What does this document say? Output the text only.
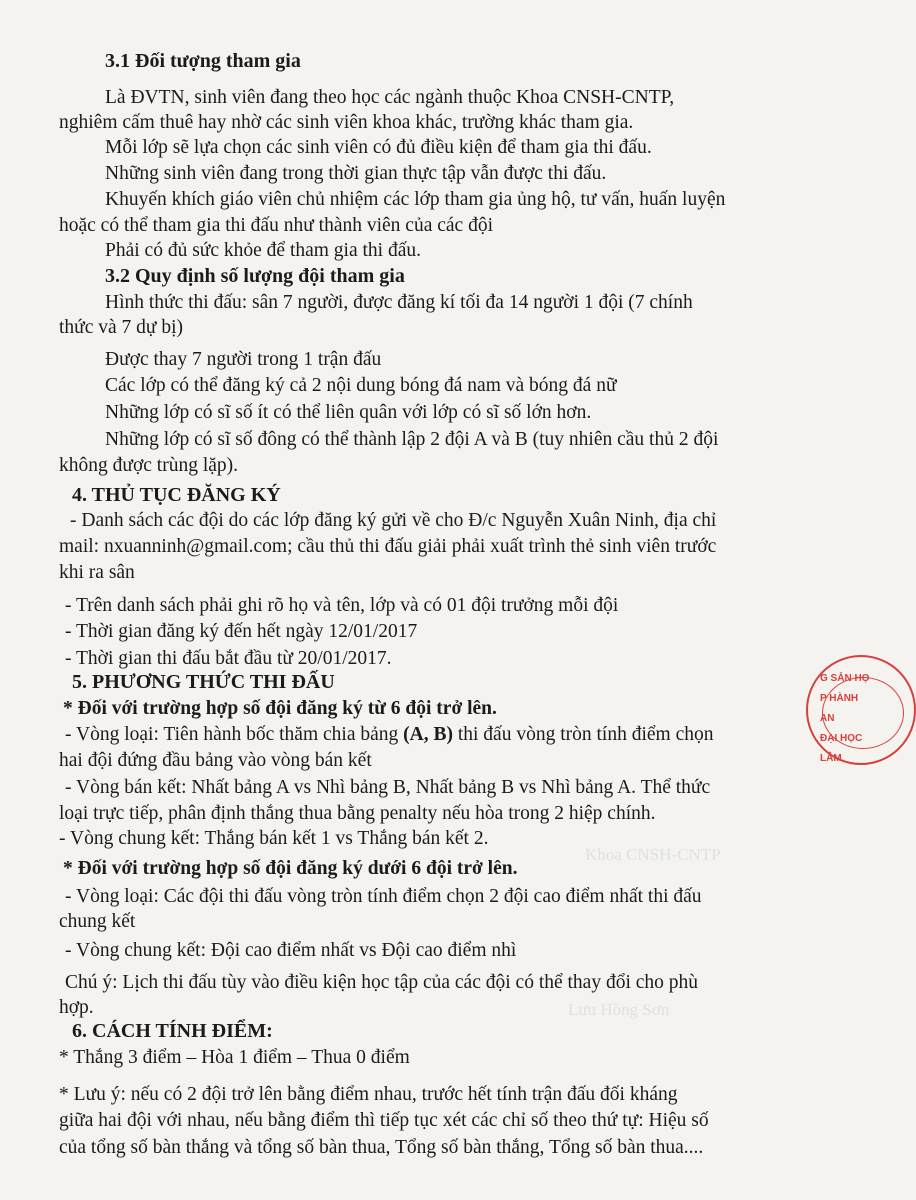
Khoa CNSH-CNTP
Lưu Hồng Sơn
3.1 Đối tượng tham gia
Là ĐVTN, sinh viên đang theo học các ngành thuộc Khoa CNSH-CNTP,
nghiêm cấm thuê hay nhờ các sinh viên khoa khác, trường khác tham gia.
Mỗi lớp sẽ lựa chọn các sinh viên có đủ điều kiện để tham gia thi đấu.
Những sinh viên đang trong thời gian thực tập vẫn được thi đấu.
Khuyến khích giáo viên chủ nhiệm các lớp tham gia ủng hộ, tư vấn, huấn luyện
hoặc có thể tham gia thi đấu như thành viên của các đội
Phải có đủ sức khỏe để tham gia thi đấu.
3.2 Quy định số lượng đội tham gia
Hình thức thi đấu: sân 7 người, được đăng kí tối đa 14 người 1 đội (7 chính
thức và 7 dự bị)
Được thay 7 người trong 1 trận đấu
Các lớp có thể đăng ký cả 2 nội dung bóng đá nam và bóng đá nữ
Những lớp có sĩ số ít có thể liên quân với lớp có sĩ số lớn hơn.
Những lớp có sĩ số đông có thể thành lập 2 đội A và B (tuy nhiên cầu thủ 2 đội
không được trùng lặp).
4. THỦ TỤC ĐĂNG KÝ
- Danh sách các đội do các lớp đăng ký gửi về cho Đ/c Nguyễn Xuân Ninh, địa chỉ
mail: nxuanninh@gmail.com; cầu thủ thi đấu giải phải xuất trình thẻ sinh viên trước
khi ra sân
- Trên danh sách phải ghi rõ họ và tên, lớp và có 01 đội trưởng mỗi đội
- Thời gian đăng ký đến hết ngày 12/01/2017
- Thời gian thi đấu bắt đầu từ 20/01/2017.
5. PHƯƠNG THỨC THI ĐẤU
* Đối với trường hợp số đội đăng ký từ 6 đội trở lên.
- Vòng loại: Tiên hành bốc thăm chia bảng (A, B) thi đấu vòng tròn tính điểm chọn
hai đội đứng đầu bảng vào vòng bán kết
- Vòng bán kết: Nhất bảng A vs Nhì bảng B, Nhất bảng B vs Nhì bảng A. Thể thức
loại trực tiếp, phân định thắng thua bằng penalty nếu hòa trong 2 hiệp chính.
- Vòng chung kết: Thắng bán kết 1 vs Thắng bán kết 2.
* Đối với trường hợp số đội đăng ký dưới 6 đội trở lên.
- Vòng loại: Các đội thi đấu vòng tròn tính điểm chọn 2 đội cao điểm nhất thi đấu
chung kết
- Vòng chung kết: Đội cao điểm nhất vs Đội cao điểm nhì
Chú ý: Lịch thi đấu tùy vào điều kiện học tập của các đội có thể thay đổi cho phù
hợp.
6. CÁCH TÍNH ĐIỂM:
* Thắng 3 điểm – Hòa 1 điểm – Thua 0 điểm
* Lưu ý: nếu có 2 đội trở lên bằng điểm nhau, trước hết tính trận đấu đối kháng
giữa hai đội với nhau, nếu bằng điểm thì tiếp tục xét các chỉ số theo thứ tự: Hiệu số
của tổng số bàn thắng và tổng số bàn thua, Tổng số bàn thắng, Tổng số bàn thua....
G SẢN HỌ
P HÀNH
AN
ĐẠI HỌC
LÂM
